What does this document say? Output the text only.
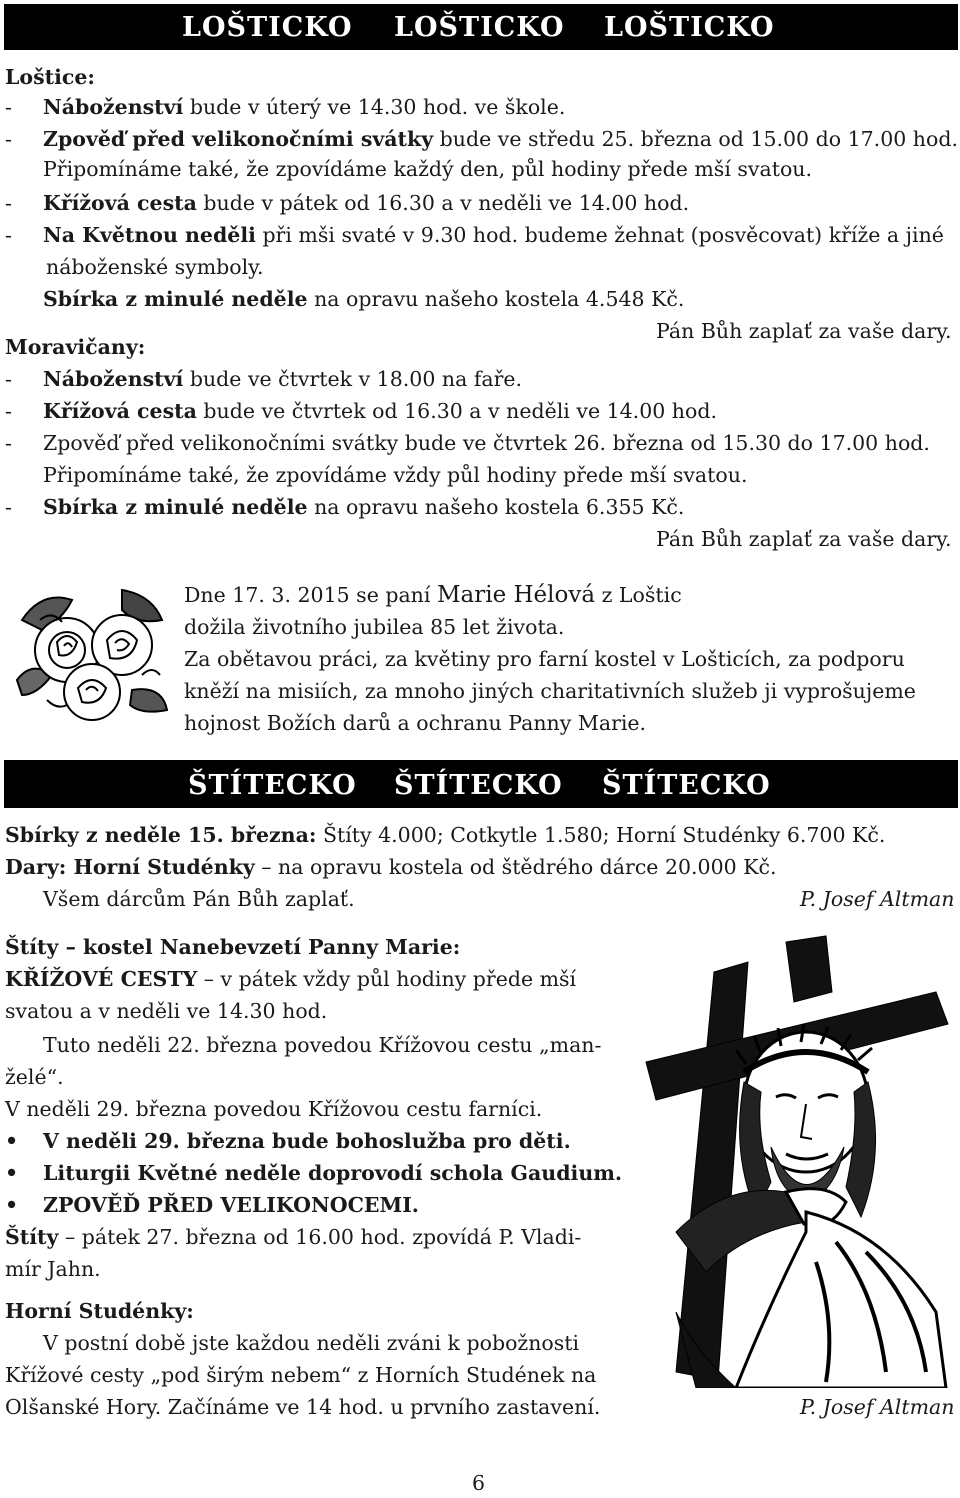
LOŠTICKO LOŠTICKO LOŠTICKO
Loštice:
- Náboženství bude v úterý ve 14.30 hod. ve škole.
- Zpověď před velikonočními svátky bude ve středu 25. března od 15.00 do 17.00 hod.
Připomínáme také, že zpovídáme každý den, půl hodiny přede mší svatou.
- Křížová cesta bude v pátek od 16.30 a v neděli ve 14.00 hod.
- Na Květnou neděli při mši svaté v 9.30 hod. budeme žehnat (posvěcovat) kříže a jiné
náboženské symboly.
Sbírka z minulé neděle na opravu našeho kostela 4.548 Kč.
Pán Bůh zaplať za vaše dary.
Moravičany:
- Náboženství bude ve čtvrtek v 18.00 na faře.
- Křížová cesta bude ve čtvrtek od 16.30 a v neděli ve 14.00 hod.
- Zpověď před velikonočními svátky bude ve čtvrtek 26. března od 15.30 do 17.00 hod.
Připomínáme také, že zpovídáme vždy půl hodiny přede mší svatou.
- Sbírka z minulé neděle na opravu našeho kostela 6.355 Kč.
Pán Bůh zaplať za vaše dary.
Dne 17. 3. 2015 se paní Marie Hélová z Loštic
dožila životního jubilea 85 let života.
Za obětavou práci, za květiny pro farní kostel v Lošticích, za podporu
kněží na misiích, za mnoho jiných charitativních služeb ji vyprošujeme
hojnost Božích darů a ochranu Panny Marie.
ŠTÍTECKO ŠTÍTECKO ŠTÍTECKO
Sbírky z neděle 15. března: Štíty 4.000; Cotkytle 1.580; Horní Studénky 6.700 Kč.
Dary: Horní Studénky – na opravu kostela od štědrého dárce 20.000 Kč.
Všem dárcům Pán Bůh zaplať.	P. Josef Altman
Štíty – kostel Nanebevzetí Panny Marie:
KŘÍŽOVÉ CESTY – v pátek vždy půl hodiny přede mší
svatou a v neděli ve 14.30 hod.
Tuto neděli 22. března povedou Křížovou cestu „man-
želé“.
V neděli 29. března povedou Křížovou cestu farníci.
• V neděli 29. března bude bohoslužba pro děti.
• Liturgii Květné neděle doprovodí schola Gaudium.
• ZPOVĚĎ PŘED VELIKONOCEMI.
Štíty – pátek 27. března od 16.00 hod. zpovídá P. Vladi-
mír Jahn.
Horní Studénky:
V postní době jste každou neděli zváni k pobožnosti
Křížové cesty „pod širým nebem“ z Horních Studének na
Olšanské Hory. Začínáme ve 14 hod. u prvního zastavení.	P. Josef Altman
6
